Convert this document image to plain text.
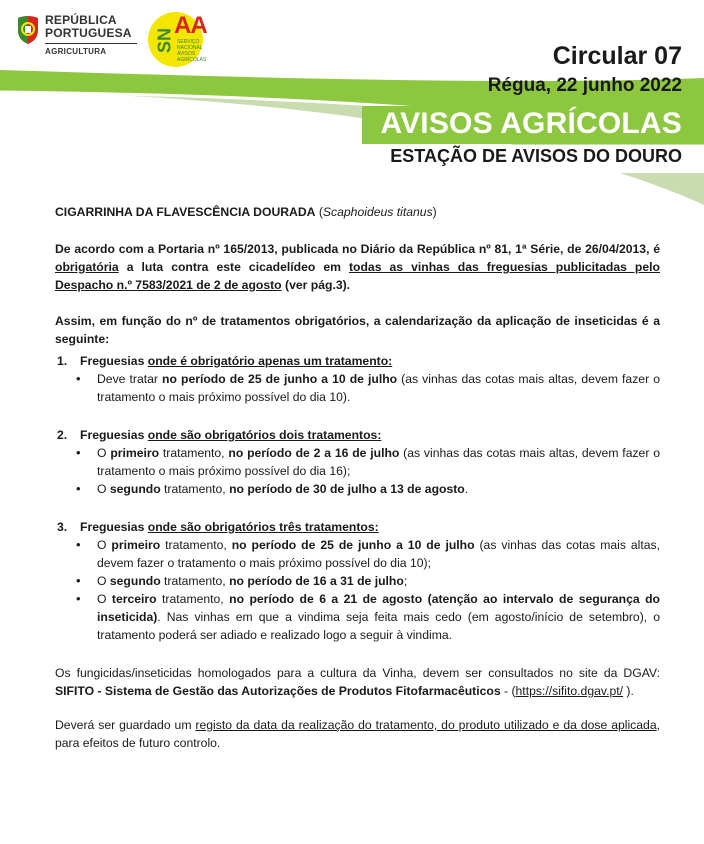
REPÚBLICA
PORTUGUESA
AGRICULTURA	SN
AA
SERVIÇO NACIONAL AVISOS AGRÍCOLAS	Circular 07
Régua, 22 junho 2022
AVISOS AGRÍCOLAS
ESTAÇÃO DE AVISOS DO DOURO

CIGARRINHA DA FLAVESCÊNCIA DOURADA (Scaphoideus titanus)

De acordo com a Portaria nº 165/2013, publicada no Diário da República nº 81, 1ª Série, de 26/04/2013, é obrigatória a luta contra este cicadelídeo em todas as vinhas das freguesias publicitadas pelo Despacho n.º 7583/2021 de 2 de agosto (ver pág.3).

Assim, em função do nº de tratamentos obrigatórios, a calendarização da aplicação de inseticidas é a seguinte:

1. Freguesias onde é obrigatório apenas um tratamento:

• Deve tratar no período de 25 de junho a 10 de julho (as vinhas das cotas mais altas, devem fazer o tratamento o mais próximo possível do dia 10).

2. Freguesias onde são obrigatórios dois tratamentos:

• O primeiro tratamento, no período de 2 a 16 de julho (as vinhas das cotas mais altas, devem fazer o tratamento o mais próximo possível do dia 16);
• O segundo tratamento, no período de 30 de julho a 13 de agosto.

3. Freguesias onde são obrigatórios três tratamentos:

• O primeiro tratamento, no período de 25 de junho a 10 de julho (as vinhas das cotas mais altas, devem fazer o tratamento o mais próximo possível do dia 10);
• O segundo tratamento, no período de 16 a 31 de julho;
• O terceiro tratamento, no período de 6 a 21 de agosto (atenção ao intervalo de segurança do inseticida). Nas vinhas em que a vindima seja feita mais cedo (em agosto/início de setembro), o tratamento poderá ser adiado e realizado logo a seguir à vindima.

Os fungicidas/inseticidas homologados para a cultura da Vinha, devem ser consultados no site da DGAV: SIFITO - Sistema de Gestão das Autorizações de Produtos Fitofarmacêuticos - (https://sifito.dgav.pt/ ).

Deverá ser guardado um registo da data da realização do tratamento, do produto utilizado e da dose aplicada, para efeitos de futuro controlo.
